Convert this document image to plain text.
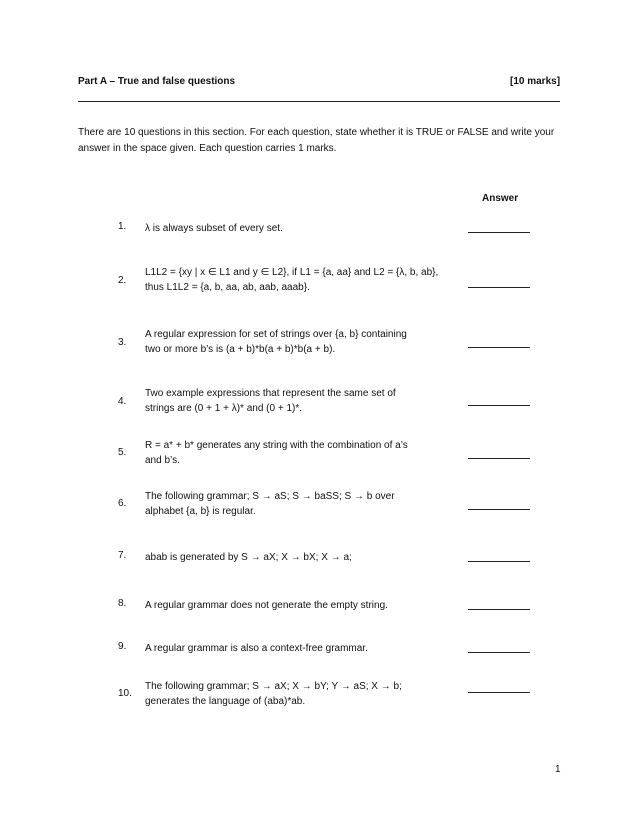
Part A – True and false questions	[10 marks]
There are 10 questions in this section. For each question, state whether it is TRUE or FALSE and write your answer in the space given. Each question carries 1 marks.
Answer
1. λ is always subset of every set.
2.
L1L2 = {xy | x ∈ L1 and y ∈ L2}, if L1 = {a, aa} and L2 = {λ, b, ab},
thus L1L2 = {a, b, aa, ab, aab, aaab}.
3.
A regular expression for set of strings over {a, b} containing
two or more b’s is (a + b)*b(a + b)*b(a + b).
4.
Two example expressions that represent the same set of
strings are (0 + 1 + λ)* and (0 + 1)*.
5.
R = a* + b* generates any string with the combination of a’s
and b’s.
6.
The following grammar; S → aS; S → baSS; S → b over
alphabet {a, b} is regular.
7. abab is generated by S → aX; X → bX; X → a;
8. A regular grammar does not generate the empty string.
9. A regular grammar is also a context-free grammar.
10.
The following grammar; S → aX; X → bY; Y → aS; X → b;
generates the language of (aba)*ab.
1
